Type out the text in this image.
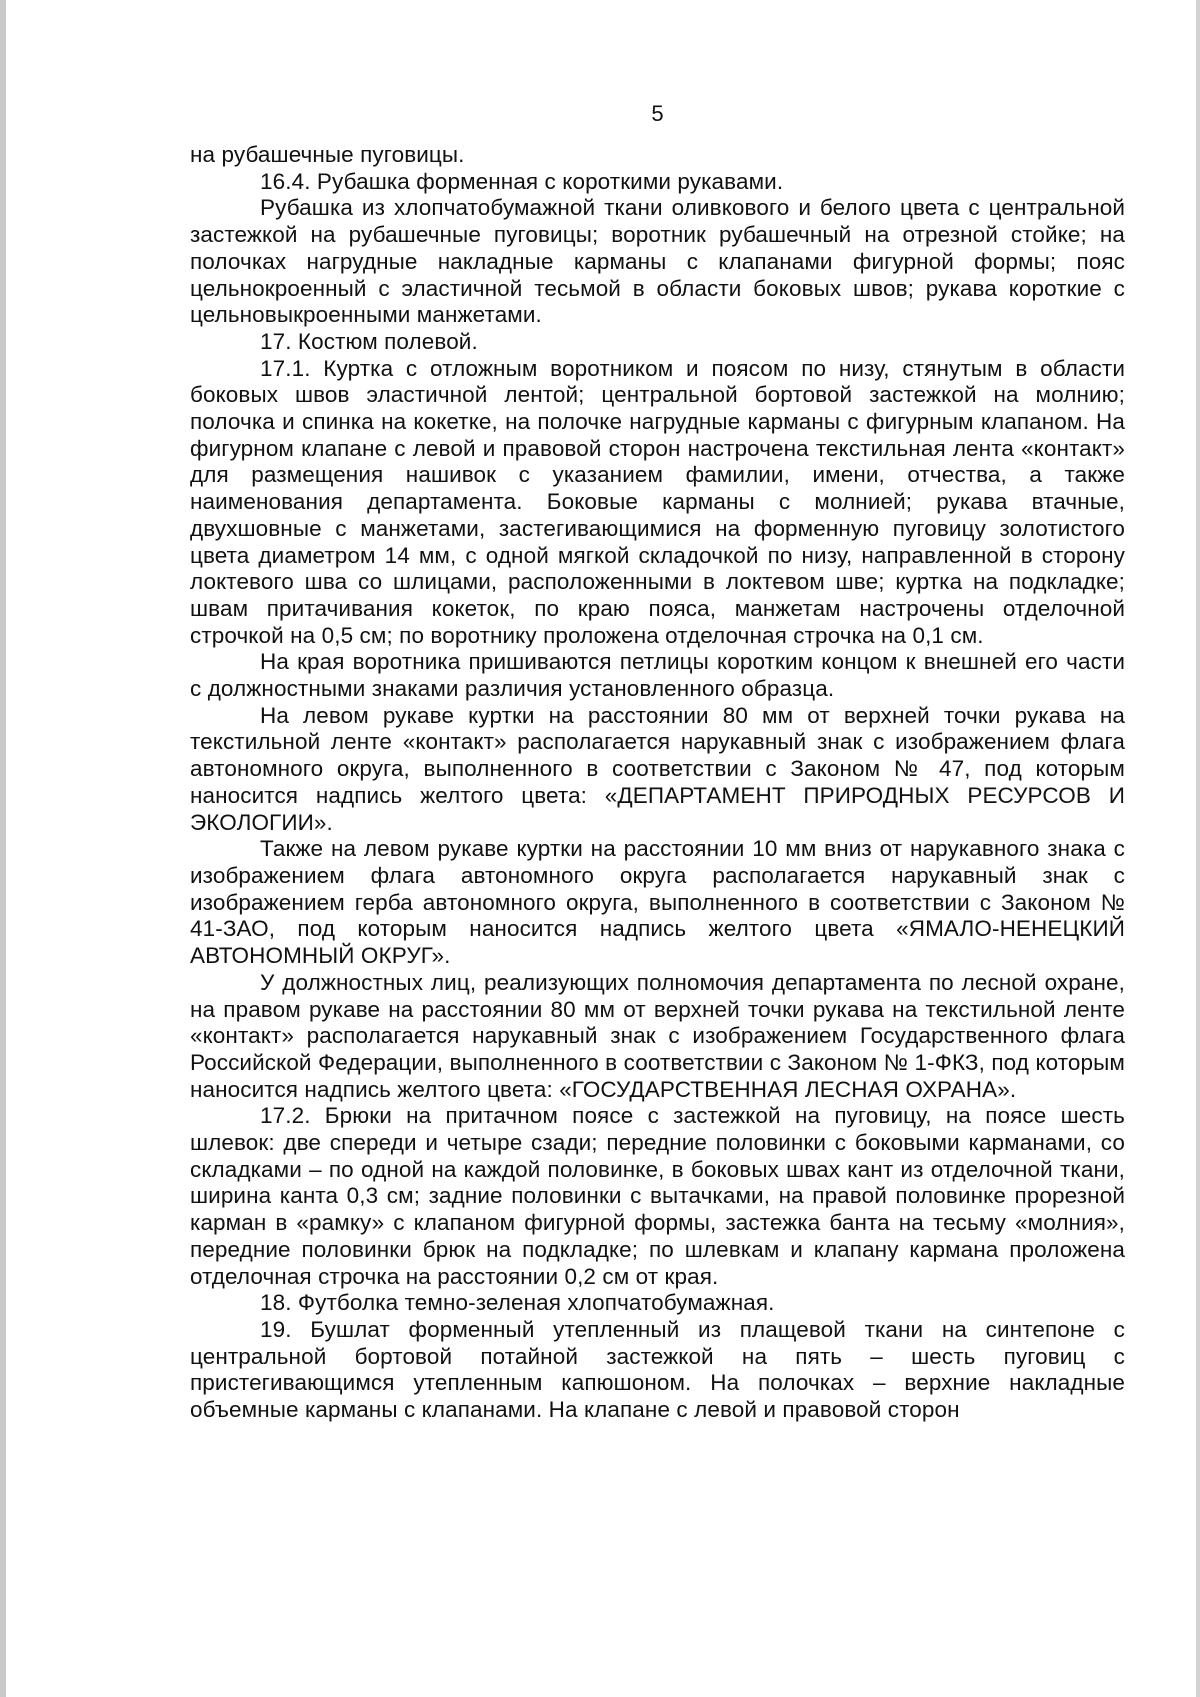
5

на рубашечные пуговицы.

16.4. Рубашка форменная с короткими рукавами.

Рубашка из хлопчатобумажной ткани оливкового и белого цвета с центральной застежкой на рубашечные пуговицы; воротник рубашечный на отрезной стойке; на полочках нагрудные накладные карманы с клапанами фигурной формы; пояс цельнокроенный с эластичной тесьмой в области боковых швов; рукава короткие с цельновыкроенными манжетами.

17. Костюм полевой.

17.1. Куртка с отложным воротником и поясом по низу, стянутым в области боковых швов эластичной лентой; центральной бортовой застежкой на молнию; полочка и спинка на кокетке, на полочке нагрудные карманы с фигурным клапаном. На фигурном клапане с левой и правовой сторон настрочена текстильная лента «контакт» для размещения нашивок с указанием фамилии, имени, отчества, а также наименования департамента. Боковые карманы с молнией; рукава втачные, двухшовные с манжетами, застегивающимися на форменную пуговицу золотистого цвета диаметром 14 мм, с одной мягкой складочкой по низу, направленной в сторону локтевого шва со шлицами, расположенными в локтевом шве; куртка на подкладке; швам притачивания кокеток, по краю пояса, манжетам настрочены отделочной строчкой на 0,5 см; по воротнику проложена отделочная строчка на 0,1 см.

На края воротника пришиваются петлицы коротким концом к внешней его части с должностными знаками различия установленного образца.

На левом рукаве куртки на расстоянии 80 мм от верхней точки рукава на текстильной ленте «контакт» располагается нарукавный знак с изображением флага автономного округа, выполненного в соответствии с Законом № 47, под которым наносится надпись желтого цвета: «ДЕПАРТАМЕНТ ПРИРОДНЫХ РЕСУРСОВ И ЭКОЛОГИИ».

Также на левом рукаве куртки на расстоянии 10 мм вниз от нарукавного знака с изображением флага автономного округа располагается нарукавный знак с изображением герба автономного округа, выполненного в соответствии с Законом № 41-ЗАО, под которым наносится надпись желтого цвета «ЯМАЛО-НЕНЕЦКИЙ АВТОНОМНЫЙ ОКРУГ».

У должностных лиц, реализующих полномочия департамента по лесной охране, на правом рукаве на расстоянии 80 мм от верхней точки рукава на текстильной ленте «контакт» располагается нарукавный знак с изображением Государственного флага Российской Федерации, выполненного в соответствии с Законом № 1-ФКЗ, под которым наносится надпись желтого цвета: «ГОСУДАРСТВЕННАЯ ЛЕСНАЯ ОХРАНА».

17.2. Брюки на притачном поясе с застежкой на пуговицу, на поясе шесть шлевок: две спереди и четыре сзади; передние половинки с боковыми карманами, со складками – по одной на каждой половинке, в боковых швах кант из отделочной ткани, ширина канта 0,3 см; задние половинки с вытачками, на правой половинке прорезной карман в «рамку» с клапаном фигурной формы, застежка банта на тесьму «молния», передние половинки брюк на подкладке; по шлевкам и клапану кармана проложена отделочная строчка на расстоянии 0,2 см от края.

18. Футболка темно-зеленая хлопчатобумажная.

19. Бушлат форменный утепленный из плащевой ткани на синтепоне с центральной бортовой потайной застежкой на пять – шесть пуговиц с пристегивающимся утепленным капюшоном. На полочках – верхние накладные объемные карманы с клапанами. На клапане с левой и правовой сторон
